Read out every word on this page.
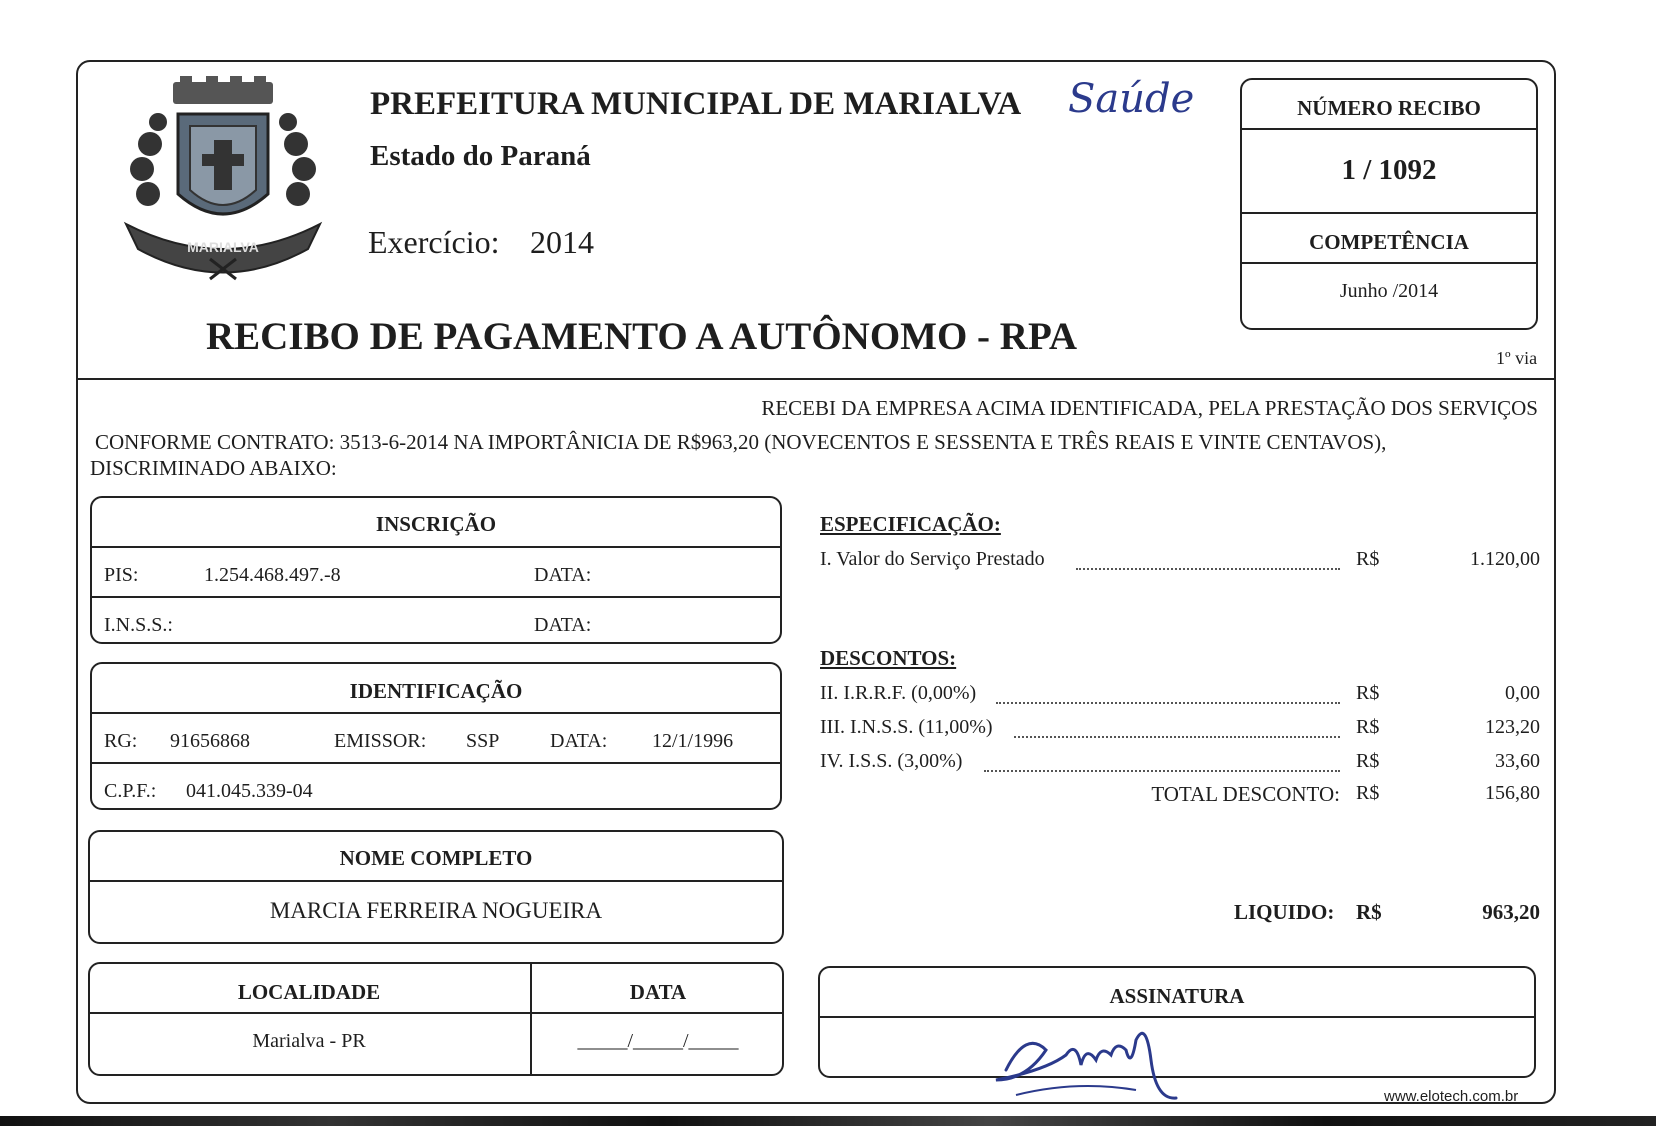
MARIALVA
PREFEITURA MUNICIPAL DE MARIALVA Saúde
Estado do Paraná
Exercício: 2014
RECIBO DE PAGAMENTO A AUTÔNOMO - RPA	1º via
NÚMERO RECIBO
1 / 1092
COMPETÊNCIA
Junho /2014
RECEBI DA EMPRESA ACIMA IDENTIFICADA, PELA PRESTAÇÃO DOS SERVIÇOS
CONFORME CONTRATO: 3513-6-2014 NA IMPORTÂNICIA DE R$963,20 (NOVECENTOS E SESSENTA E TRÊS REAIS E VINTE CENTAVOS),
DISCRIMINADO ABAIXO:
INSCRIÇÃO
PIS:	1.254.468.497.-8	DATA:
I.N.S.S.:	DATA:
IDENTIFICAÇÃO
RG: 91656868	EMISSOR: SSP	DATA: 12/1/1996
C.P.F.: 041.045.339-04
NOME COMPLETO
MARCIA FERREIRA NOGUEIRA
LOCALIDADE	DATA
Marialva - PR	_____/_____/_____
ESPECIFICAÇÃO:
I. Valor do Serviço Prestado	R$	1.120,00
DESCONTOS:
II. I.R.R.F. (0,00%)	R$	0,00
III. I.N.S.S. (11,00%)	R$	123,20
IV. I.S.S. (3,00%)	R$	33,60
TOTAL DESCONTO: R$	156,80
LIQUIDO: R$	963,20
ASSINATURA
www.elotech.com.br
